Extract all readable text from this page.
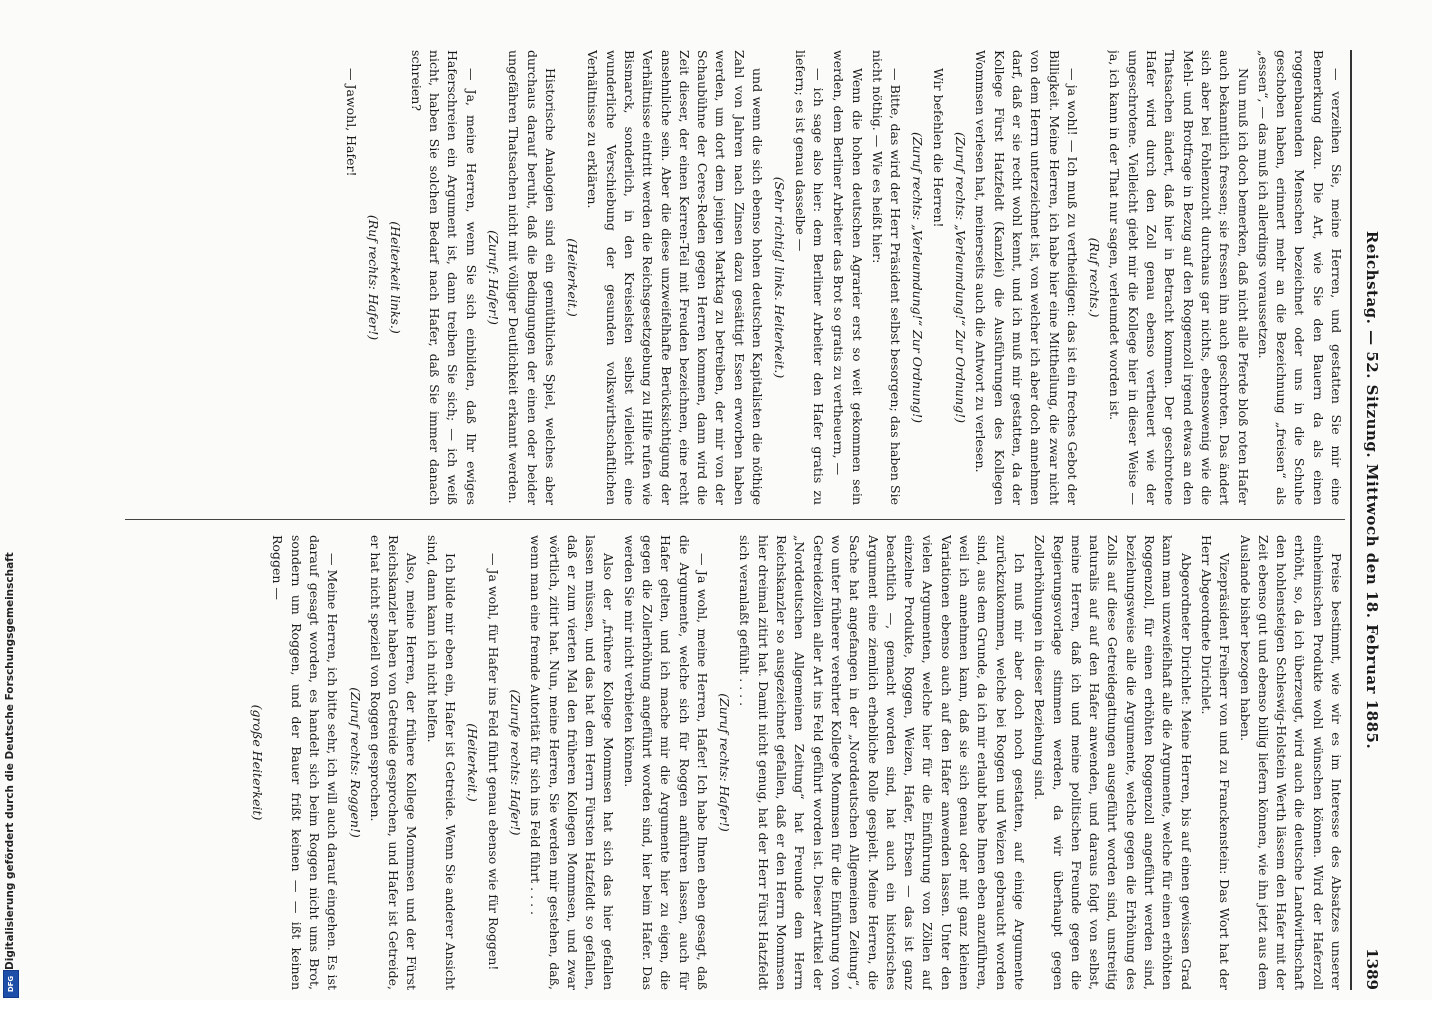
Reichstag. — 52. Sitzung. Mittwoch den 18. Februar 1885.
1389

— verzeihen Sie, meine Herren, und gestatten Sie mir eine Bemerkung dazu. Die Art, wie Sie den Bauern da als einen roggenbauenden Menschen bezeichnet oder uns in die Schuhe geschoben haben, erinnert mehr an die Bezeichnung „freisen“ als „essen“, — das muß ich allerdings voraussetzen.

Nun muß ich doch bemerken, daß nicht alle Pferde bloß roten Hafer auch bekanntlich fressen; sie fressen ihn auch geschroten. Das ändert sich aber bei Fohlenzucht durchaus gar nichts, ebensowenig wie die Mehl- und Brotfrage in Bezug auf den Roggenzoll irgend etwas an den Thatsachen ändert, daß hier in Betracht kommen. Der geschrotene Hafer wird durch den Zoll genau ebenso vertheuert wie der ungeschrotene. Vielleicht giebt mir die Kollege hier in dieser Weise — ja, ich kann in der That nur sagen, verleumdet worden ist.

(Ruf rechts.)

— ja wohl! — Ich muß zu vertheidigen: das ist ein freches Gebot der Billigkeit. Meine Herren, ich habe hier eine Mittheilung, die zwar nicht von dem Herrn unterzeichnet ist, von welcher ich aber doch annehmen darf, daß er sie recht wohl kennt, und ich muß mir gestatten, da der Kollege Fürst Hatzfeldt (Kanzlei) die Ausführungen des Kollegen Wommsen verlesen hat, meinerseits auch die Antwort zu verlesen.

(Zuruf rechts: „Verleumdung!“ Zur Ordnung!)

Wir befehlen die Herren!

(Zuruf rechts: „Verleumdung!“ Zur Ordnung!)

— Bitte, das wird der Herr Präsident selbst besorgen; das haben Sie nicht nöthig. — Wie es heißt hier:

Wenn die hohen deutschen Agrarier erst so weit gekommen sein werden, dem Berliner Arbeiter das Brot so gratis zu vertheuern, —

— ich sage also hier: dem Berliner Arbeiter den Hafer gratis zu liefern; es ist genau dasselbe —

(Sehr richtig! links. Heiterkeit.)

und wenn die sich ebenso hohen deutschen Kapitalisten die nöthige Zahl von Jahren nach Zinsen dazu gesättigt Essen erworben haben werden, um dort dem jenigen Marktag zu betreiben, der mir von der Schaubühne der Ceres-Reden gegen Herren kommen, dann wird die Zeit dieser, der einen Kerren-Teil mit Freuden bezeichnen, eine recht ansehnliche sein. Aber die diese unzweifelhafte Berücksichtigung der Verhältnisse eintritt werden die Reichsgesetzgebung zu Hilfe rufen wie Bismarck, sonderlich, in den Kreiselsten selbst vielleicht eine wunderliche Verschiebung der gesunden volkswirthschaftlichen Verhältnisse zu erklären.

(Heiterkeit.)

Historische Analogien sind ein gemüthliches Spiel, welches aber durchaus darauf beruht, daß die Bedingungen der einen oder beider ungefähren Thatsachen nicht mit völliger Deutlichkeit erkannt werden.

(Zuruf: Hafer!)

— Ja, meine Herren, wenn Sie sich einbilden, daß Ihr ewiges Haferschreien ein Argument ist, dann treiben Sie sich; — ich weiß nicht, haben Sie solchen Bedarf nach Hafer, daß Sie immer danach schreien?

(Heiterkeit links.)

(Ruf rechts: Hafer!)

— Jawohl, Hafer!

Preise bestimmt, wie wir es im Interesse des Absatzes unserer einheimischen Produkte wohl wünschen können. Wird der Haferzoll erhöht, so, da ich überzeugt, wird auch die deutsche Landwirthschaft den hohlensteigen Schleswig-Holstein Werth lässem den Hafer mit der Zeit ebenso gut und ebenso billig liefern können, wie ihn jetzt aus dem Auslande bisher bezogen haben.

Vizepräsident Freiherr von und zu Franckenstein: Das Wort hat der Herr Abgeordnete Dirichlet.

Abgeordneter Dirichlet: Meine Herren, bis auf einen gewissen Grad kann man unzweifelhaft alle die Argumente, welche für einen erhöhten Roggenzoll, für einen erhöhten Roggenzoll angeführt werden sind, beziehungsweise alle die Argumente, welche gegen die Erhöhung des Zolls auf diese Getreidegattungen ausgeführt worden sind, unstreitig naturalis auf auf den Hafer anwenden, und daraus folgt von selbst, meine Herren, daß ich und meine politischen Freunde gegen die Regierungsvorlage stimmen werden, da wir überhaupt gegen Zollerhöhungen in dieser Beziehung sind.

Ich muß mir aber doch noch gestatten, auf einige Argumente zurückzukommen, welche bei Roggen und Weizen gebraucht worden sind, aus dem Grunde, da ich mir erlaubt habe Ihnen eben anzuführen, weil ich annehmen kann, daß sie sich genau oder mit ganz kleinen Variationen ebenso auch auf den Hafer anwenden lassen. Unter den vielen Argumenten, welche hier für die Einführung von Zöllen auf einzelne Produkte, Roggen, Weizen, Hafer, Erbsen — das ist ganz beachtlich —, gemacht worden sind, hat auch ein historisches Argument eine ziemlich erhebliche Rolle gespielt. Meine Herren, die Sache hat angefangen in der „Norddeutschen Allgemeinen Zeitung“, wo unter früherer verehrter Kollege Mommsen für die Einführung von Getreidezöllen aller Art ins Feld geführt worden ist. Dieser Artikel der „Norddeutschen Allgemeinen Zeitung“ hat Freunde dem Herrn Reichskanzler so ausgezeichnet gefallen, daß er den Herrn Mommsen hier dreimal zitirt hat. Damit nicht genug, hat der Herr Fürst Hatzfeldt sich veranlaßt gefühlt . . . .

(Zuruf rechts: Hafer!)

— Ja wohl, meine Herren, Hafer! Ich habe Ihnen eben gesagt, daß die Argumente, welche sich für Roggen anführen lassen, auch für Hafer gelten, und ich mache mir die Argumente hier zu eigen, die gegen die Zollerhöhung angeführt worden sind, hier beim Hafer. Das werden Sie mir nicht verbieten können.

Also der „frühere Kollege Mommsen hat sich das hier gefallen lassen müssen, und das hat dem Herrn Fürsten Hatzfeldt so gefallen, daß er zum vierten Mal den früheren Kollegen Mommsen, und zwar wörtlich, zitirt hat. Nun, meine Herren, Sie werden mir gestehen, daß, wenn man eine fremde Autorität für sich ins Feld führt . . . .

(Zurufe rechts: Hafer!)

— Ja wohl, für Hafer ins Feld führt genau ebenso wie für Roggen!

(Heiterkeit.)

Ich bilde mir eben ein, Hafer ist Getreide. Wenn Sie anderer Ansicht sind, dann kann ich nicht helfen.

Also, meine Herren, der frühere Kollege Mommsen und der Fürst Reichskanzler haben von Getreide gesprochen, und Hafer ist Getreide, er hat nicht speziell von Roggen gesprochen.

(Zuruf rechts: Roggen!)

— Meine Herren, ich bitte sehr, ich will auch darauf eingehen. Es ist darauf gesagt worden, es handelt sich beim Roggen nicht ums Brot, sondern um Roggen, und der Bauer frißt keinen — — ißt keinen Roggen —

(große Heiterkeit)

Digitalisierung gefördert durch die Deutsche Forschungsgemeinschaft
DFG
